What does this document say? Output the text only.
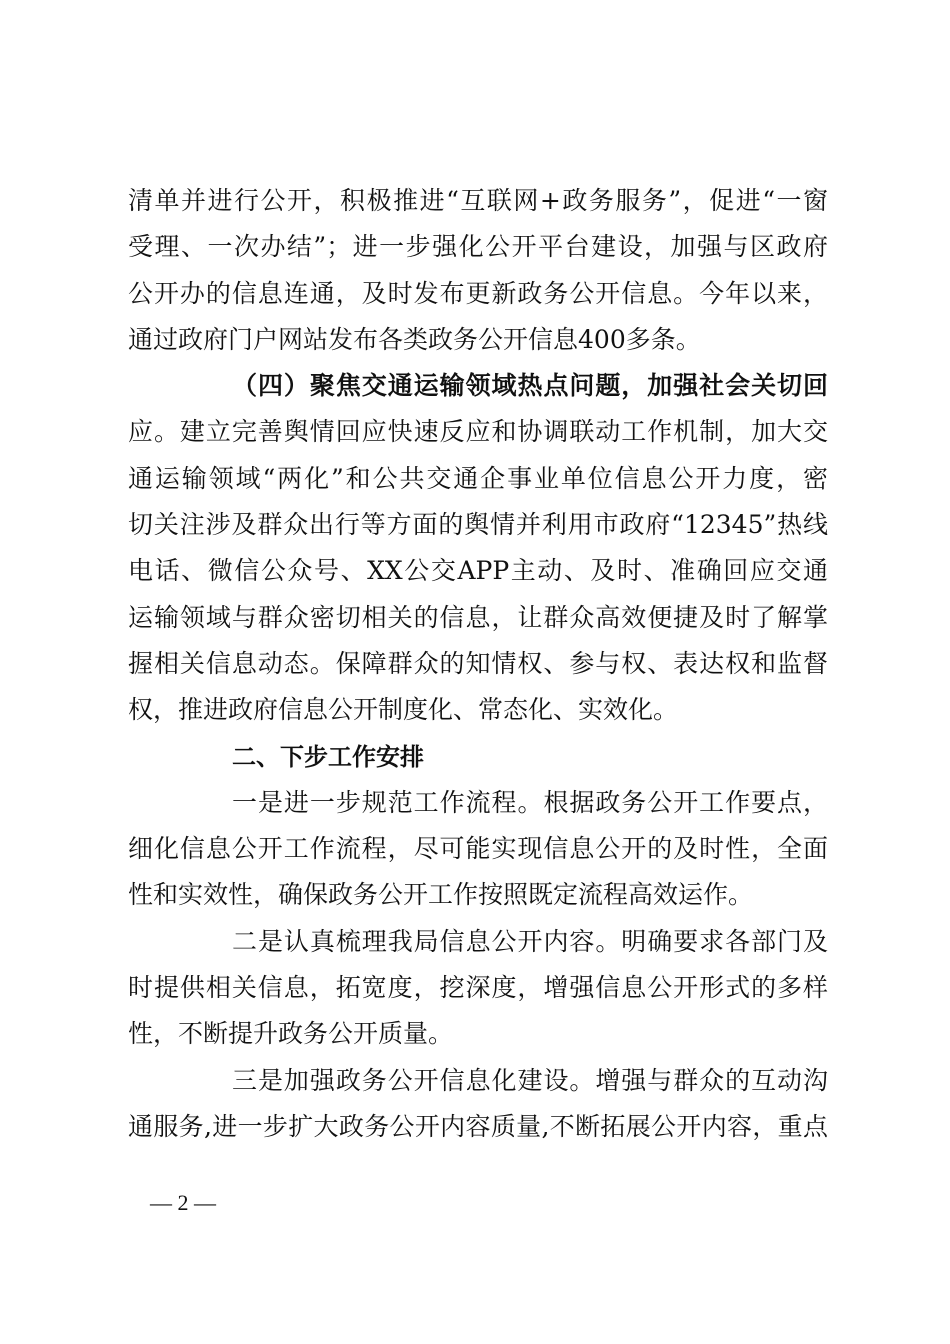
清单并进行公开，积极推进“互联网+政务服务”，促进“一窗
受理、一次办结”；进一步强化公开平台建设，加强与区政府
公开办的信息连通，及时发布更新政务公开信息。今年以来，
通过政府门户网站发布各类政务公开信息400多条。
（四）聚焦交通运输领域热点问题，加强社会关切回
应。建立完善舆情回应快速反应和协调联动工作机制，加大交
通运输领域“两化”和公共交通企事业单位信息公开力度，密
切关注涉及群众出行等方面的舆情并利用市政府“12345”热线
电话、微信公众号、XX公交APP主动、及时、准确回应交通
运输领域与群众密切相关的信息，让群众高效便捷及时了解掌
握相关信息动态。保障群众的知情权、参与权、表达权和监督
权，推进政府信息公开制度化、常态化、实效化。
二、下步工作安排
一是进一步规范工作流程。根据政务公开工作要点，
细化信息公开工作流程，尽可能实现信息公开的及时性，全面
性和实效性，确保政务公开工作按照既定流程高效运作。
二是认真梳理我局信息公开内容。明确要求各部门及
时提供相关信息，拓宽度，挖深度，增强信息公开形式的多样
性，不断提升政务公开质量。
三是加强政务公开信息化建设。增强与群众的互动沟
通服务,进一步扩大政务公开内容质量,不断拓展公开内容，重点
— 2 —
